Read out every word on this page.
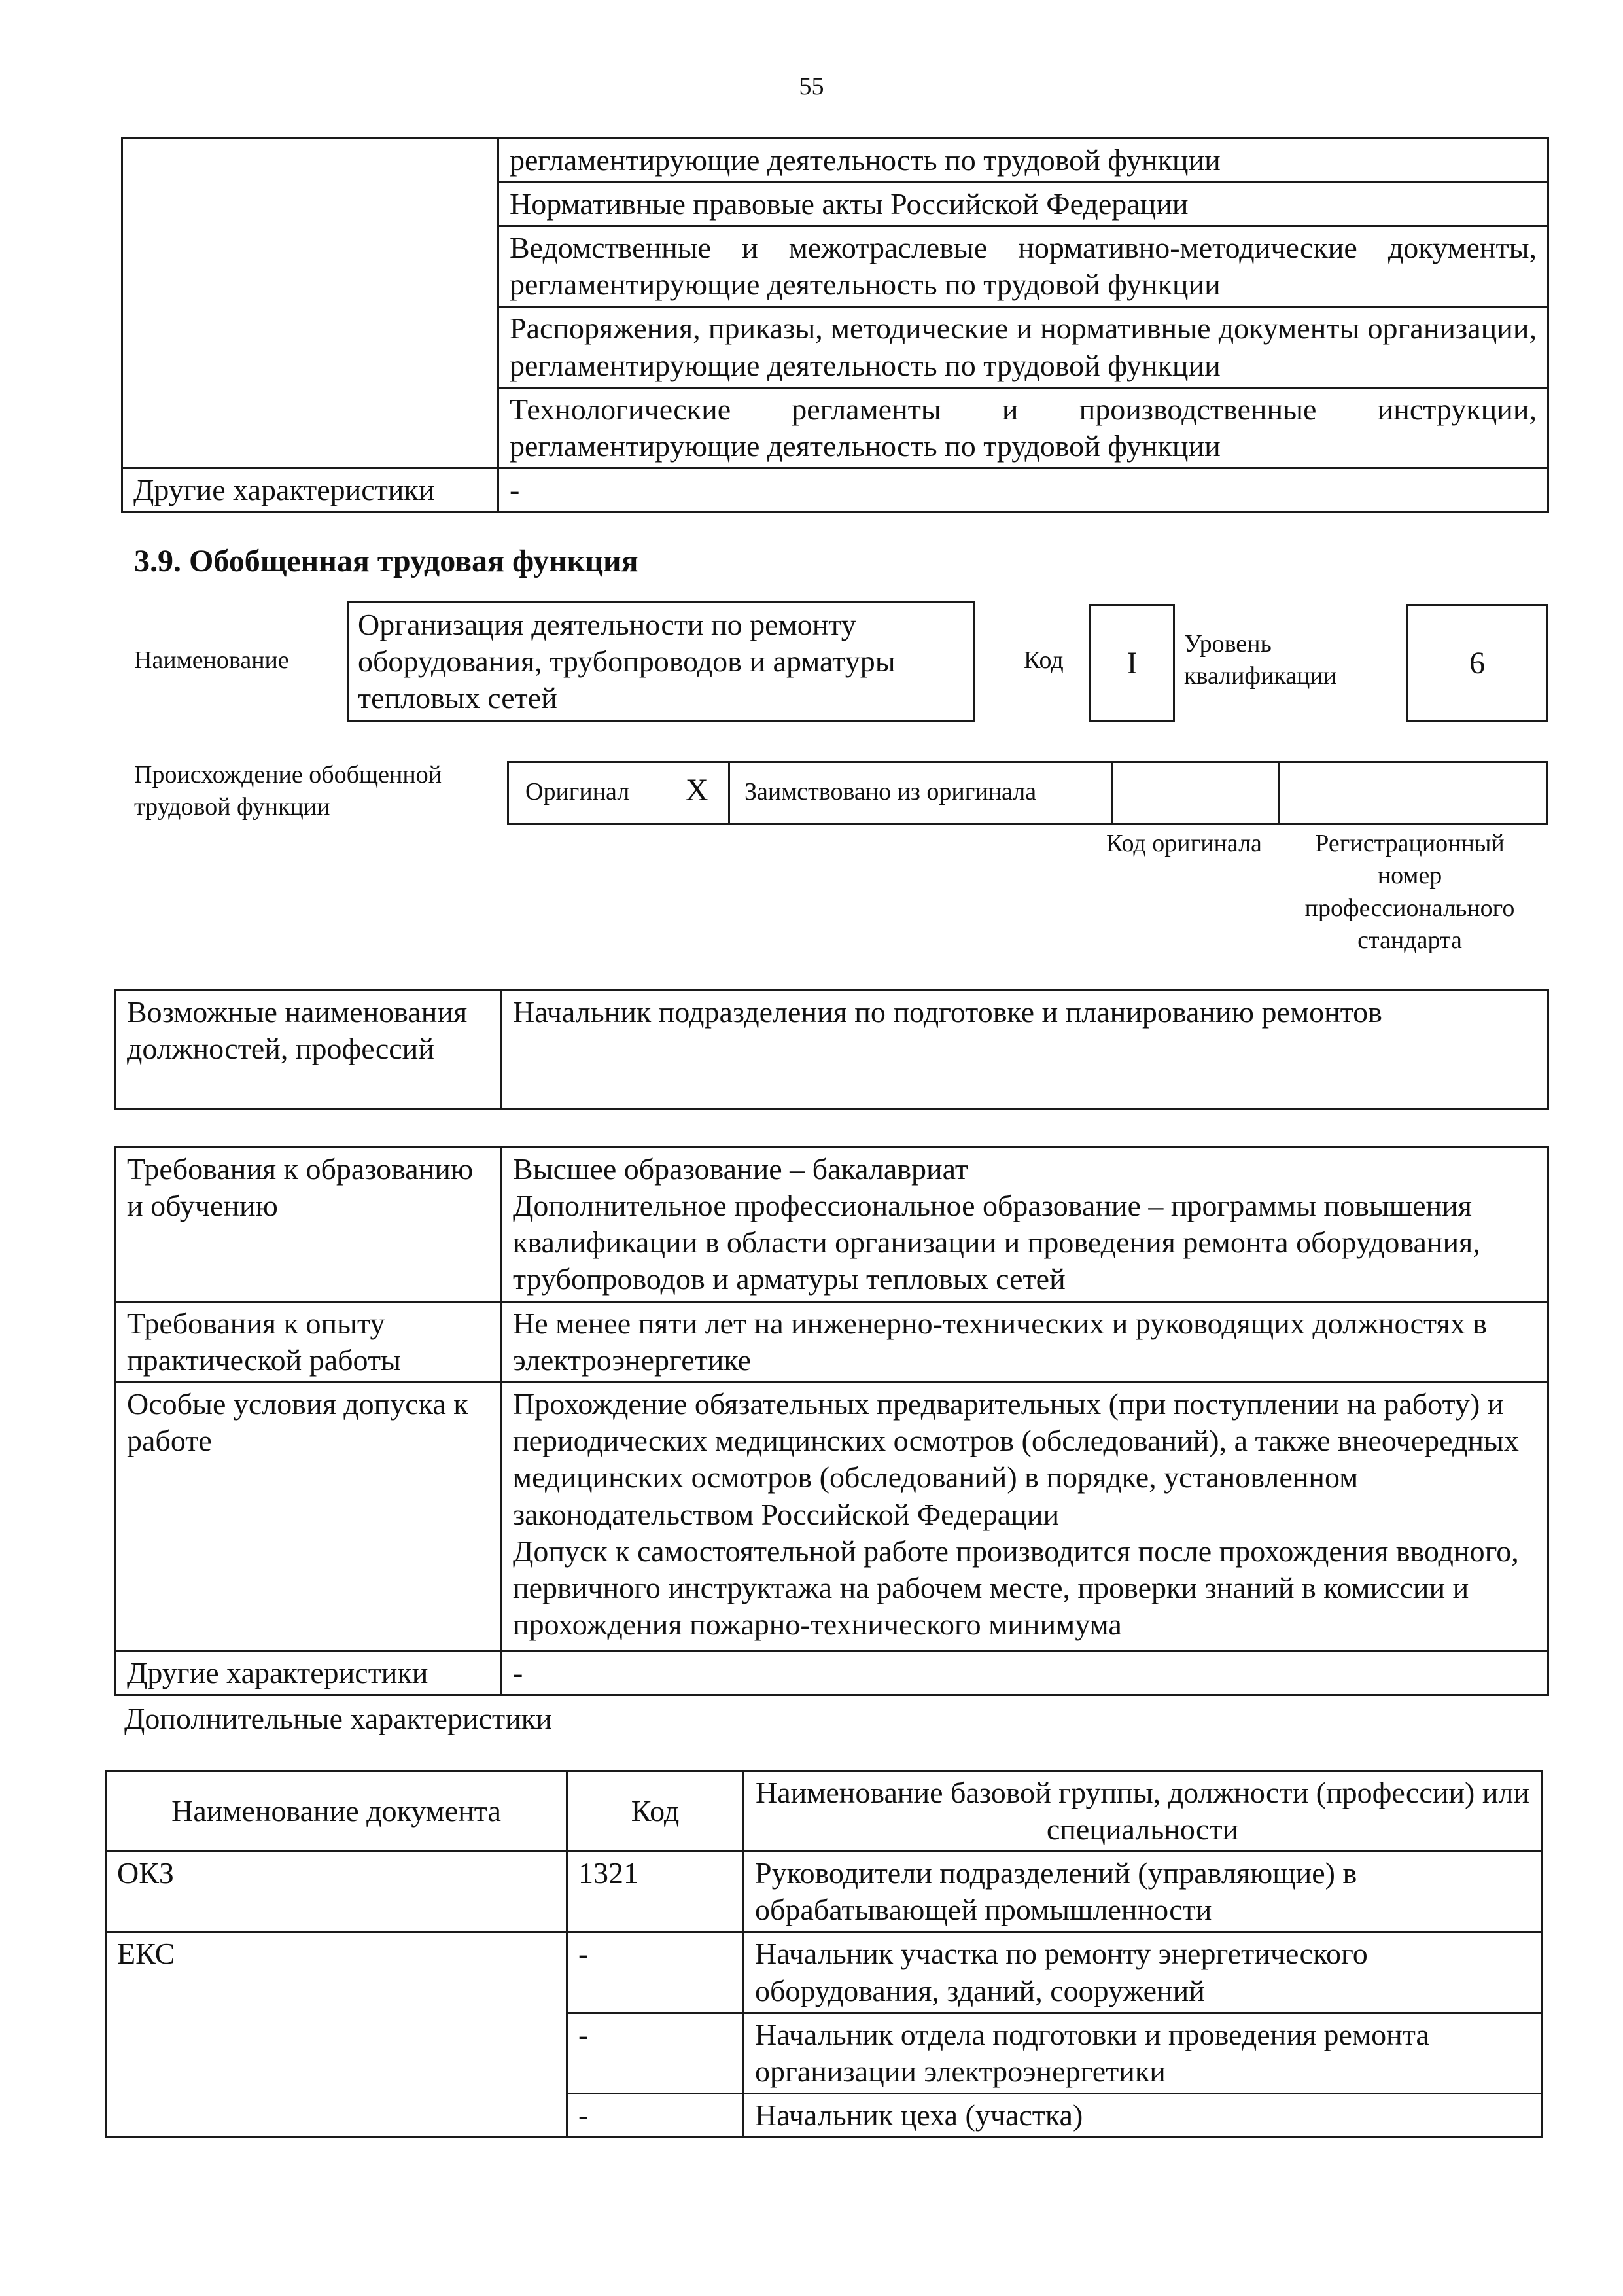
55
	регламентирующие деятельность по трудовой функции
	Нормативные правовые акты Российской Федерации
	Ведомственные и межотраслевые нормативно-методические документы, регламентирующие деятельность по трудовой функции
	Распоряжения, приказы, методические и нормативные документы организации, регламентирующие деятельность по трудовой функции
	Технологические регламенты и производственные инструкции, регламентирующие деятельность по трудовой функции
Другие характеристики	-
3.9. Обобщенная трудовая функция
Наименование
Организация деятельности по ремонту оборудования, трубопроводов и арматуры тепловых сетей
Код	I
Уровень квалификации	6
Происхождение обобщенной трудовой функции
Оригинал X Заимствовано из оригинала
Код оригинала	Регистрационный номер профессионального стандарта
Возможные наименования должностей, профессий	Начальник подразделения по подготовке и планированию ремонтов
Требования к образованию и обучению	Высшее образование – бакалавриат
Дополнительное профессиональное образование – программы повышения квалификации в области организации и проведения ремонта оборудования, трубопроводов и арматуры тепловых сетей

Требования к опыту практической работы	Не менее пяти лет на инженерно-технических и руководящих должностях в электроэнергетике
Особые условия допуска к работе	Прохождение обязательных предварительных (при поступлении на работу) и периодических медицинских осмотров (обследований), а также внеочередных медицинских осмотров (обследований) в порядке, установленном законодательством Российской Федерации
Допуск к самостоятельной работе производится после прохождения вводного, первичного инструктажа на рабочем месте, проверки знаний в комиссии и прохождения пожарно-технического минимума

Другие характеристики	-
Дополнительные характеристики
Наименование документа	Код	Наименование базовой группы, должности (профессии) или специальности
ОКЗ	1321	Руководители подразделений (управляющие) в обрабатывающей промышленности
ЕКС	-	Начальник участка по ремонту энергетического оборудования, зданий, сооружений
	-	Начальник отдела подготовки и проведения ремонта организации электроэнергетики
	-	Начальник цеха (участка)
